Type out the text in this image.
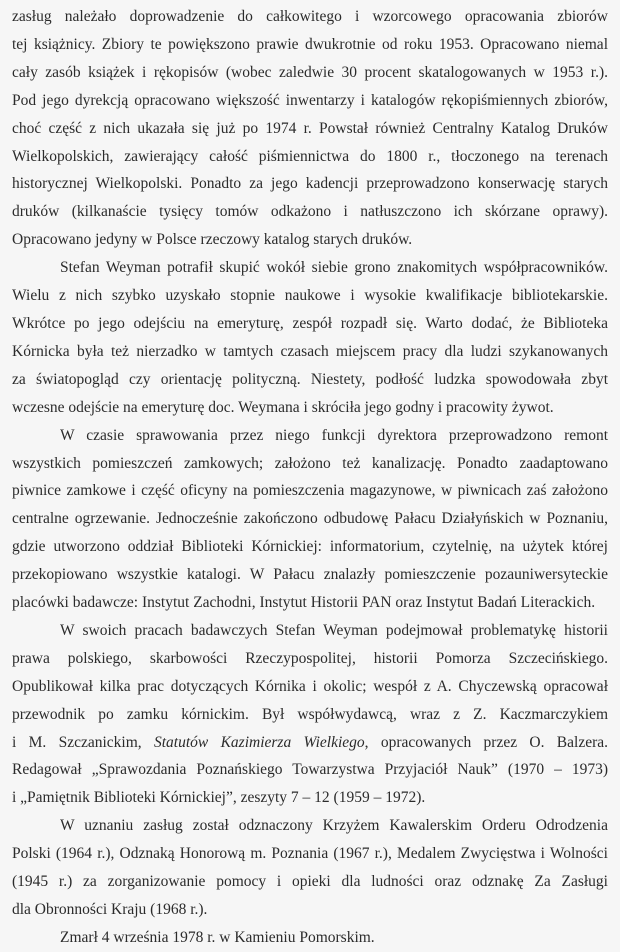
zasług należało doprowadzenie do całkowitego i wzorcowego opracowania zbiorów
tej książnicy. Zbiory te powiększono prawie dwukrotnie od roku 1953. Opracowano niemal
cały zasób książek i rękopisów (wobec zaledwie 30 procent skatalogowanych w 1953 r.).
Pod jego dyrekcją opracowano większość inwentarzy i katalogów rękopiśmiennych zbiorów,
choć część z nich ukazała się już po 1974 r. Powstał również Centralny Katalog Druków
Wielkopolskich, zawierający całość piśmiennictwa do 1800 r., tłoczonego na terenach
historycznej Wielkopolski. Ponadto za jego kadencji przeprowadzono konserwację starych
druków (kilkanaście tysięcy tomów odkażono i natłuszczono ich skórzane oprawy).
Opracowano jedyny w Polsce rzeczowy katalog starych druków.
Stefan Weyman potrafił skupić wokół siebie grono znakomitych współpracowników.
Wielu z nich szybko uzyskało stopnie naukowe i wysokie kwalifikacje bibliotekarskie.
Wkrótce po jego odejściu na emeryturę, zespół rozpadł się. Warto dodać, że Biblioteka
Kórnicka była też nierzadko w tamtych czasach miejscem pracy dla ludzi szykanowanych
za światopogląd czy orientację polityczną. Niestety, podłość ludzka spowodowała zbyt
wczesne odejście na emeryturę doc. Weymana i skróciła jego godny i pracowity żywot.
W czasie sprawowania przez niego funkcji dyrektora przeprowadzono remont
wszystkich pomieszczeń zamkowych; założono też kanalizację. Ponadto zaadaptowano
piwnice zamkowe i część oficyny na pomieszczenia magazynowe, w piwnicach zaś założono
centralne ogrzewanie. Jednocześnie zakończono odbudowę Pałacu Działyńskich w Poznaniu,
gdzie utworzono oddział Biblioteki Kórnickiej: informatorium, czytelnię, na użytek której
przekopiowano wszystkie katalogi. W Pałacu znalazły pomieszczenie pozauniwersyteckie
placówki badawcze: Instytut Zachodni, Instytut Historii PAN oraz Instytut Badań Literackich.
W swoich pracach badawczych Stefan Weyman podejmował problematykę historii
prawa polskiego, skarbowości Rzeczypospolitej, historii Pomorza Szczecińskiego.
Opublikował kilka prac dotyczących Kórnika i okolic; wespół z A. Chyczewską opracował
przewodnik po zamku kórnickim. Był współwydawcą, wraz z Z. Kaczmarczykiem
i M. Szczanickim, Statutów Kazimierza Wielkiego, opracowanych przez O. Balzera.
Redagował „Sprawozdania Poznańskiego Towarzystwa Przyjaciół Nauk” (1970 – 1973)
i „Pamiętnik Biblioteki Kórnickiej”, zeszyty 7 – 12 (1959 – 1972).
W uznaniu zasług został odznaczony Krzyżem Kawalerskim Orderu Odrodzenia
Polski (1964 r.), Odznaką Honorową m. Poznania (1967 r.), Medalem Zwycięstwa i Wolności
(1945 r.) za zorganizowanie pomocy i opieki dla ludności oraz odznakę Za Zasługi
dla Obronności Kraju (1968 r.).
Zmarł 4 września 1978 r. w Kamieniu Pomorskim.
